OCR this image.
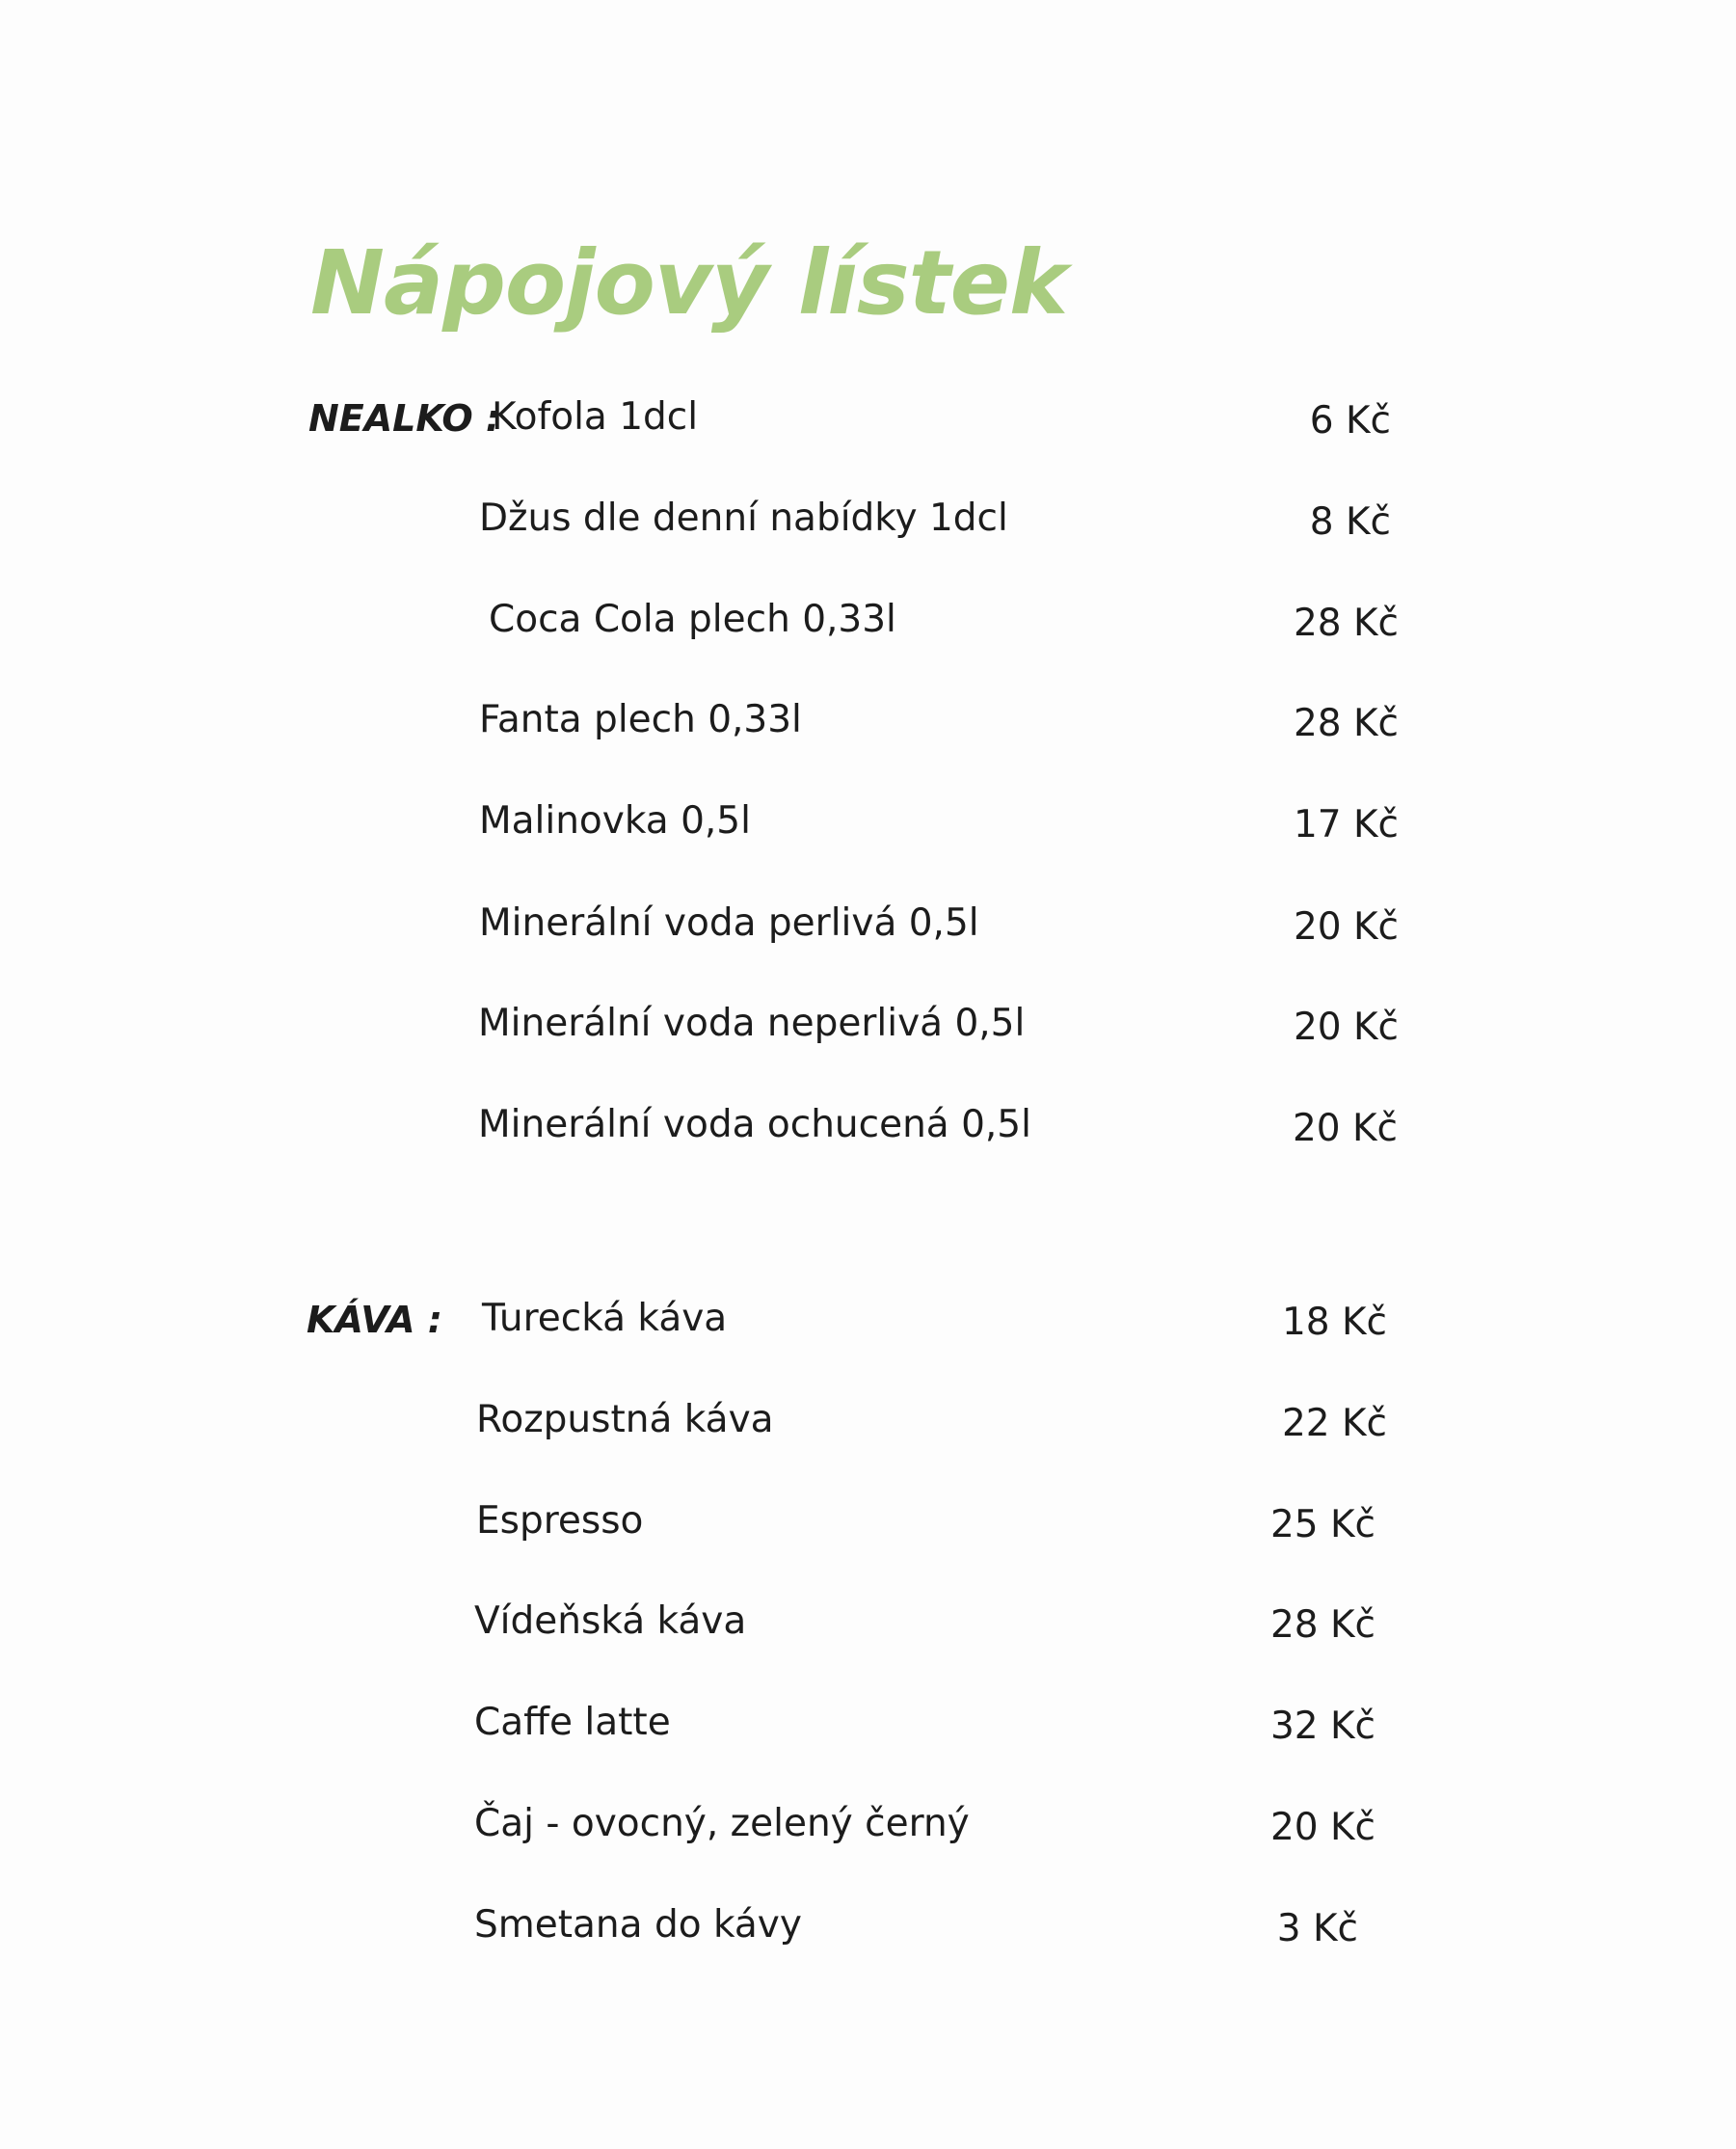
Nápojový lístek
NEALKO :
Kofola 1dcl	6 Kč
Džus dle denní nabídky 1dcl	8 Kč
Coca Cola plech 0,33l	28 Kč
Fanta plech 0,33l	28 Kč
Malinovka 0,5l	17 Kč
Minerální voda perlivá 0,5l	20 Kč
Minerální voda neperlivá 0,5l	20 Kč
Minerální voda ochucená 0,5l	20 Kč
KÁVA : Turecká káva	18 Kč
Rozpustná káva	22 Kč
Espresso	25 Kč
Vídeňská káva	28 Kč
Caffe latte	32 Kč
Čaj - ovocný, zelený černý	20 Kč
Smetana do kávy	3 Kč
